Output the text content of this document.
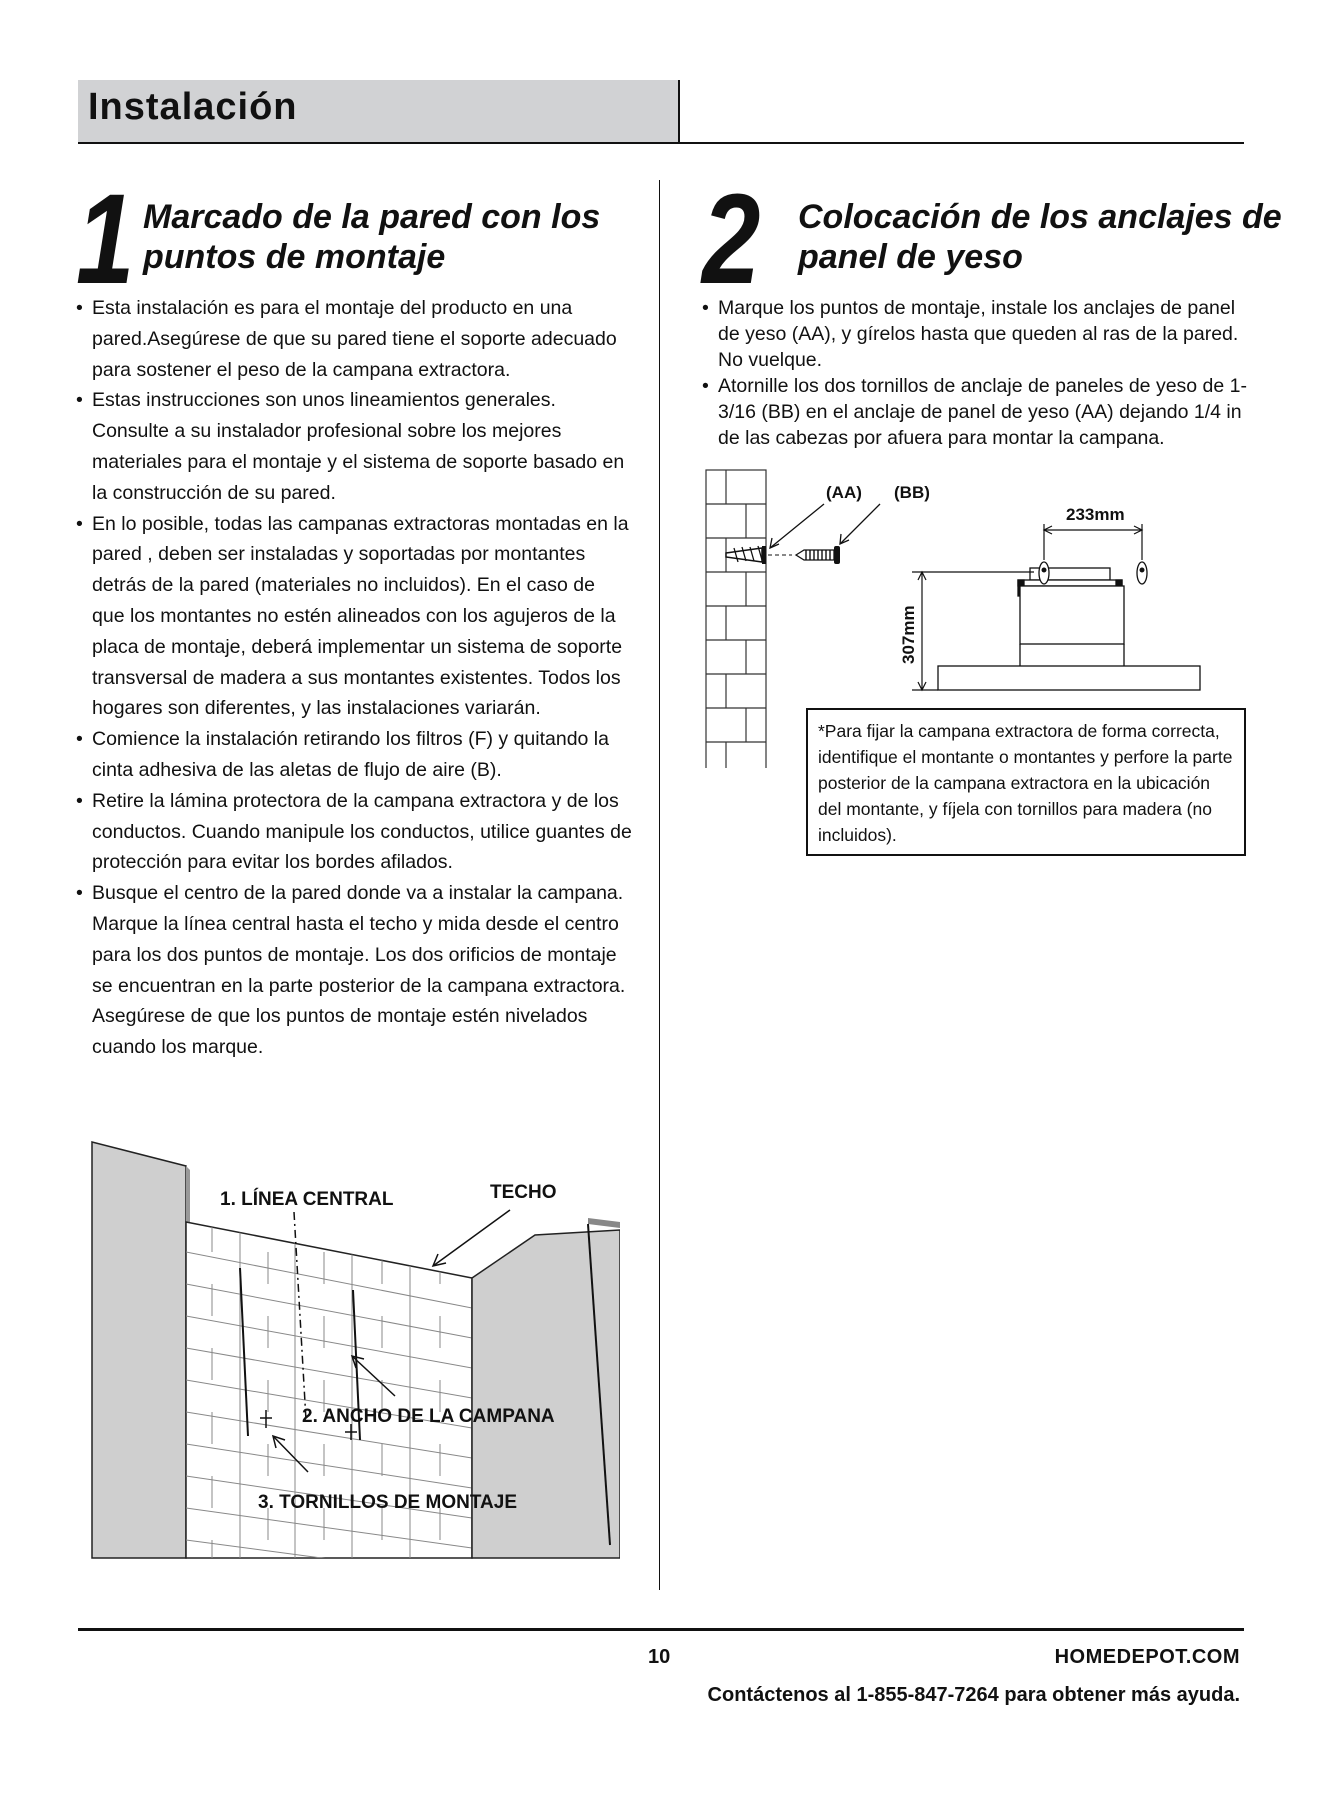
Instalación
1 Marcado de la pared con los
puntos de montaje
• Esta instalación es para el montaje del producto en una pared.Asegúrese de que su pared tiene el soporte adecuado para sostener el peso de la campana extractora.
• Estas instrucciones son unos lineamientos generales. Consulte a su instalador profesional sobre los mejores materiales para el montaje y el sistema de soporte basado en la construcción de su pared.
• En lo posible, todas las campanas extractoras montadas en la pared , deben ser instaladas y soportadas por montantes detrás de la pared (materiales no incluidos). En el caso de que los montantes no estén alineados con los agujeros de la placa de montaje, deberá implementar un sistema de soporte transversal de madera a sus montantes existentes. Todos los hogares son diferentes, y las instalaciones variarán.
• Comience la instalación retirando los filtros (F) y quitando la cinta adhesiva de las aletas de flujo de aire (B).
• Retire la lámina protectora de la campana extractora y de los conductos. Cuando manipule los conductos, utilice guantes de protección para evitar los bordes afilados.
• Busque el centro de la pared donde va a instalar la campana. Marque la línea central hasta el techo y mida desde el centro para los dos puntos de montaje. Los dos orificios de montaje se encuentran en la parte posterior de la campana extractora. Asegúrese de que los puntos de montaje estén nivelados cuando los marque.
1. LÍNEA CENTRAL	TECHO
2. ANCHO DE LA CAMPANA
3. TORNILLOS DE MONTAJE
2 Colocación de los anclajes de
panel de yeso
• Marque los puntos de montaje, instale los anclajes de panel de yeso (AA), y gírelos hasta que queden al ras de la pared. No vuelque.
• Atornille los dos tornillos de anclaje de paneles de yeso de 1-3/16 (BB) en el anclaje de panel de yeso (AA) dejando 1/4 in de las cabezas por afuera para montar la campana.
(AA) (BB)
233mm
307mm
*Para fijar la campana extractora de forma correcta, identifique el montante o montantes y perfore la parte posterior de la campana extractora en la ubicación del montante, y fíjela con tornillos para madera (no incluidos).
10	HOMEDEPOT.COM
Contáctenos al 1-855-847-7264 para obtener más ayuda.
